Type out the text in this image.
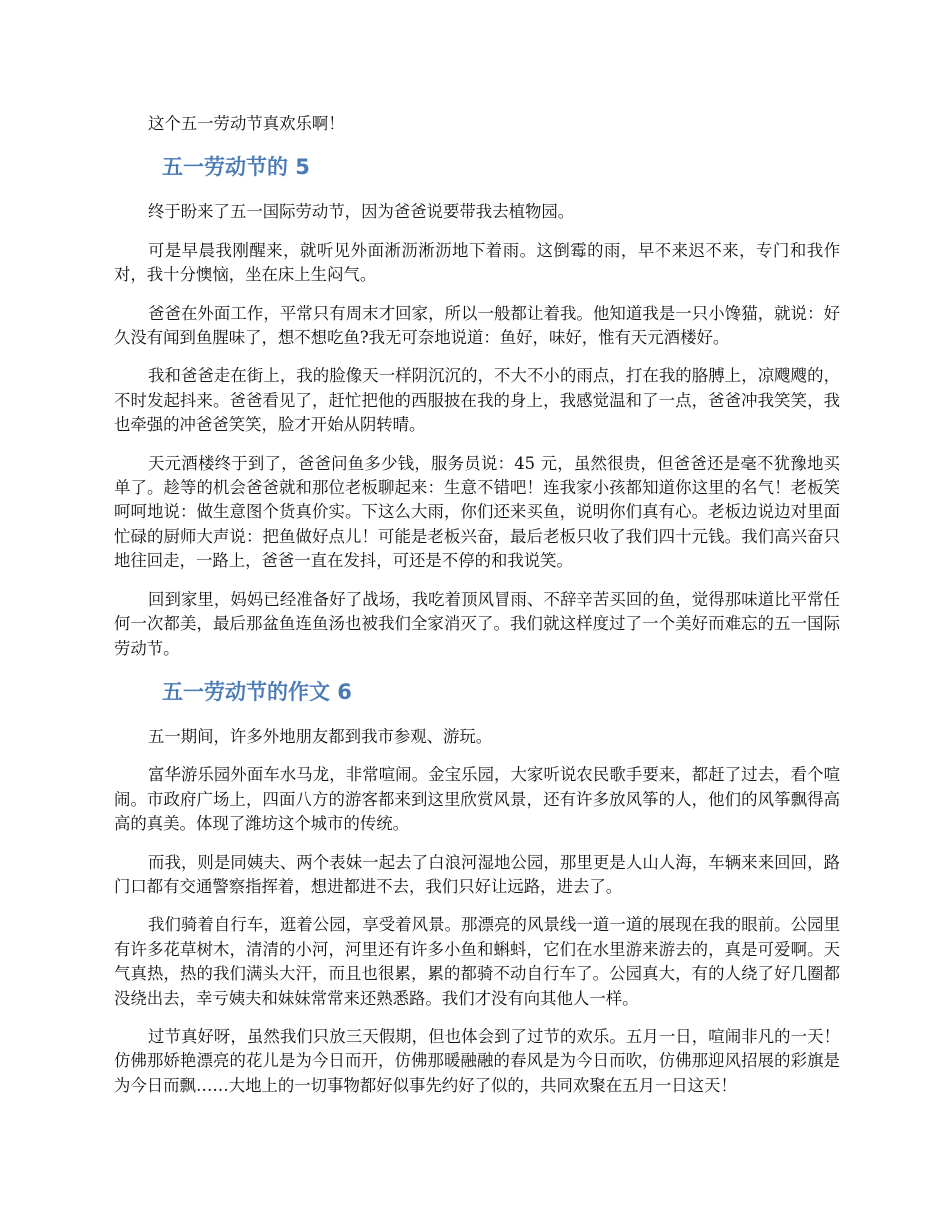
这个五一劳动节真欢乐啊！

五一劳动节的 5

终于盼来了五一国际劳动节，因为爸爸说要带我去植物园。

可是早晨我刚醒来，就听见外面淅沥淅沥地下着雨。这倒霉的雨，早不来迟不来，专门和我作对，我十分懊恼，坐在床上生闷气。

爸爸在外面工作，平常只有周末才回家，所以一般都让着我。他知道我是一只小馋猫，就说：好久没有闻到鱼腥味了，想不想吃鱼?我无可奈地说道：鱼好，味好，惟有天元酒楼好。

我和爸爸走在街上，我的脸像天一样阴沉沉的，不大不小的雨点，打在我的胳膊上，凉飕飕的，不时发起抖来。爸爸看见了，赶忙把他的西服披在我的身上，我感觉温和了一点，爸爸冲我笑笑，我也牵强的冲爸爸笑笑，脸才开始从阴转晴。

天元酒楼终于到了，爸爸问鱼多少钱，服务员说：45 元，虽然很贵，但爸爸还是毫不犹豫地买单了。趁等的机会爸爸就和那位老板聊起来：生意不错吧！连我家小孩都知道你这里的名气！老板笑呵呵地说：做生意图个货真价实。下这么大雨，你们还来买鱼，说明你们真有心。老板边说边对里面忙碌的厨师大声说：把鱼做好点儿！可能是老板兴奋，最后老板只收了我们四十元钱。我们高兴奋只地往回走，一路上，爸爸一直在发抖，可还是不停的和我说笑。

回到家里，妈妈已经准备好了战场，我吃着顶风冒雨、不辞辛苦买回的鱼，觉得那味道比平常任何一次都美，最后那盆鱼连鱼汤也被我们全家消灭了。我们就这样度过了一个美好而难忘的五一国际劳动节。

五一劳动节的作文 6

五一期间，许多外地朋友都到我市参观、游玩。

富华游乐园外面车水马龙，非常喧闹。金宝乐园，大家听说农民歌手要来，都赶了过去，看个喧闹。市政府广场上，四面八方的游客都来到这里欣赏风景，还有许多放风筝的人，他们的风筝飘得高高的真美。体现了潍坊这个城市的传统。

而我，则是同姨夫、两个表妹一起去了白浪河湿地公园，那里更是人山人海，车辆来来回回，路门口都有交通警察指挥着，想进都进不去，我们只好让远路，进去了。

我们骑着自行车，逛着公园，享受着风景。那漂亮的风景线一道一道的展现在我的眼前。公园里有许多花草树木，清清的小河，河里还有许多小鱼和蝌蚪，它们在水里游来游去的，真是可爱啊。天气真热，热的我们满头大汗，而且也很累，累的都骑不动自行车了。公园真大，有的人绕了好几圈都没绕出去，幸亏姨夫和妹妹常常来还熟悉路。我们才没有向其他人一样。

过节真好呀，虽然我们只放三天假期，但也体会到了过节的欢乐。五月一日，喧闹非凡的一天！仿佛那娇艳漂亮的花儿是为今日而开，仿佛那暖融融的春风是为今日而吹，仿佛那迎风招展的彩旗是为今日而飘……大地上的一切事物都好似事先约好了似的，共同欢聚在五月一日这天！
